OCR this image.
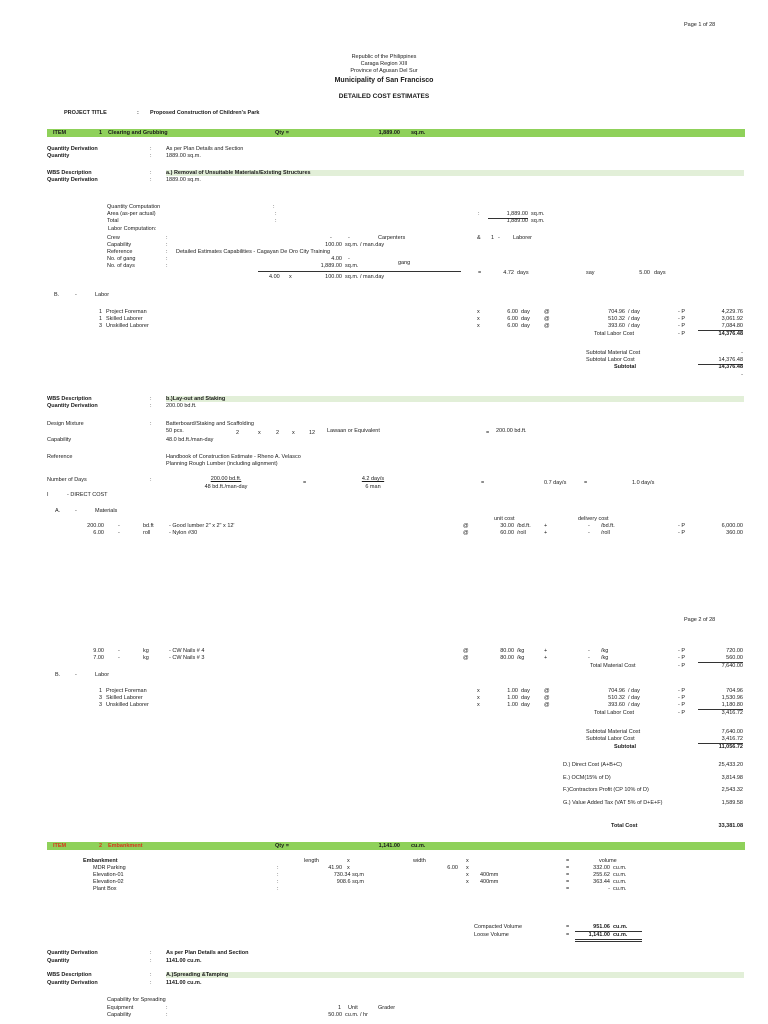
Page 1 of 28
Republic of the Philippines
Caraga Region XIII
Province of Agusan Del Sur
Municipality of San Francisco
DETAILED COST ESTIMATES
PROJECT TITLE	: Proposed Construction of Children's Park
ITEM	1 Clearing and Grubbing	Qty =	1,889.00 sq.m.
Quantity Derivation	:	As per Plan Details and Section
Quantity	:	1889.00 sq.m.
WBS Description	:	a.) Removal of Unsuitable Materials/Existing Structures
Quantity Derivation	:	1889.00 sq.m.
Quantity Computation	:
Area (as-per actual)	:	:	1,889.00 sq.m.
Total	:	1,889.00 sq.m.
Labor Computation:
Crew	:	-	-	Carpenters	& 1 - Laborer
Capability	:	100.00 sq.m. / man.day
Reference	: Detailed Estimates Capabilities - Cagayan De Oro City Training
No. of gang	:	4.00 -
gang
No. of days	:	1,889.00 sq.m.
4.00 x	100.00 sq.m. / man.day
=	4.72 days	say	5.00 days
B.	-	Labor
1 Project Foreman	x	6.00 day	@	704.96 / day	- P	4,229.76
1 Skilled Laborer	x	6.00 day	@	510.32 / day	- P	3,061.92
3 Unskilled Laborer	x	6.00 day	@	393.60 / day	- P	7,084.80
Total Labor Cost	- P	14,376.48
Subtotal Material Cost	-
Subtotal Labor Cost	14,376.48
Subtotal	14,376.48
-
WBS Description	:	b.)Lay-out and Staking
Quantity Derivation	:	200.00 bd.ft.
Design Mixture	:	Batterboard/Staking and Scaffolding
50 pcs.	2	x	2 x	12 Lawaan or Equivalent	= 200.00 bd.ft.
Capability	48.0 bd.ft./man-day
Reference	Handbook of Construction Estimate - Rheno A. Velasco
Planning Rough Lumber (including alignment)
Number of Days	:	200.00 bd.ft.
48 bd.ft./man-day
=
4.2 day/s
6 man
=	0.7 day/s	=	1.0 day/s
I	- DIRECT COST
A.	-	Materials
unit cost	delivery cost
200.00	-	bd.ft	- Good lumber 2" x 2" x 12'	@	30.00 /bd.ft. +	- /bd.ft.	- P	6,000.00
6.00	-	roll	- Nylon #30	@	60.00 /roll	+	- /roll	- P	360.00
Page 2 of 28
9.00	-	kg	- CW Nails # 4	@	80.00 /kg	+	- /kg	- P	720.00
7.00	-	kg	- CW Nails # 3	@	80.00 /kg	+	- /kg	- P	560.00
Total Material Cost	- P	7,640.00
B.	-	Labor
1 Project Foreman	x	1.00 day	@	704.96 / day	- P	704.96
3 Skilled Laborer	x	1.00 day	@	510.32 / day	- P	1,530.96
3 Unskilled Laborer	x	1.00 day	@	393.60 / day	- P	1,180.80
Total Labor Cost	- P	3,416.72
Subtotal Material Cost	7,640.00
Subtotal Labor Cost	3,416.72
Subtotal	11,056.72
D.) Direct Cost (A+B+C)	25,433.20
E.) OCM(15% of D)	3,814.98
F.)Contractors Profit (CP 10% of D)	2,543.32
G.) Value Added Tax (VAT 5% of D+E+F)	1,589.58
Total Cost	33,381.08
ITEM	2 Embankment	Qty =	1,141.00 cu.m.
Embankment	length	x	width	x	=	volume
MDR Parking	:	41.90 x	6.00 x	=	332.00 cu.m.
Elevation-01	:	730.34 sq.m	x 400mm	=	255.62 cu.m.
Elevation-02	:	908.6 sq.m	x 400mm	=	363.44 cu.m.
Plant Box	:	=	- cu.m.
Compacted Volume	=	951.06 cu.m.
Loose Volume	=	1,141.00 cu.m.
Quantity Derivation	:	As per Plan Details and Section
Quantity	:	1141.00 cu.m.
WBS Description	:	A.)Spreading &Tamping
Quantity Derivation	:	1141.00 cu.m.
Capability for Spreading
Equipment	:	1 Unit	Grader
Capability	:	50.00 cu.m. / hr
